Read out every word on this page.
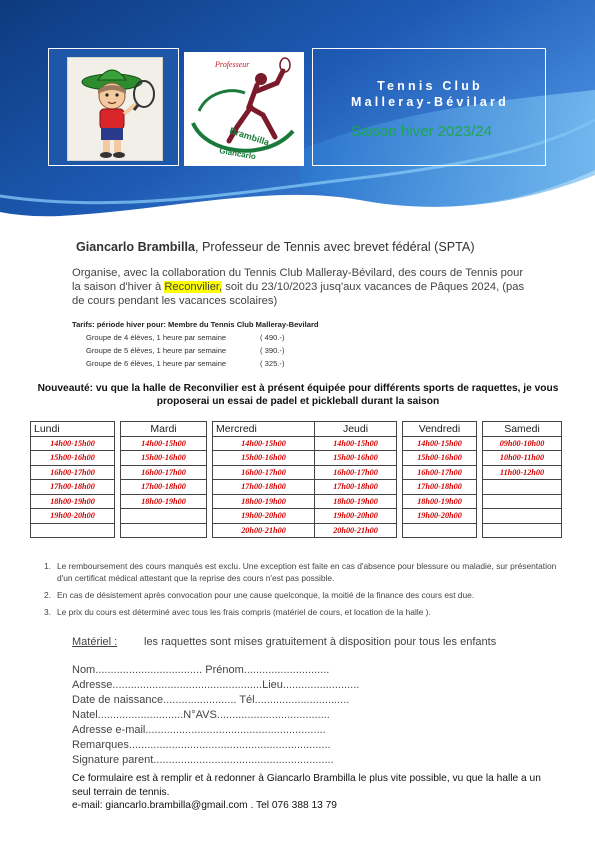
Professeur
Brambilla
Giancarlo
Tennis Club
Malleray-Bévilard
Saison hiver 2023/24
Giancarlo Brambilla, Professeur de Tennis avec brevet fédéral (SPTA)
Organise, avec la collaboration du Tennis Club Malleray-Bévilard, des cours de Tennis pour la saison d'hiver à Reconvilier, soit du 23/10/2023 jusq'aux vacances de Pâques 2024, (pas de cours pendant les vacances scolaires)
Tarifs: période hiver pour: Membre du Tennis Club Malleray-Bevilard
Groupe de 4 élèves, 1 heure par semaine	( 490.-)
Groupe de 5 élèves, 1 heure par semaine	( 390.-)
Groupe de 6 élèves, 1 heure par semaine	( 325.-)
Nouveauté: vu que la halle de Reconvilier est à présent équipée pour différents sports de raquettes, je vous proposerai un essai de padel et pickleball durant la saison
Lundi		Mardi		Mercredi	Jeudi		Vendredi		Samedi
14h00-15h00		14h00-15h00		14h00-15h00	14h00-15h00		14h00-15h00		09h00-10h00
15h00-16h00		15h00-16h00		15h00-16h00	15h00-16h00		15h00-16h00		10h00-11h00
16h00-17h00		16h00-17h00		16h00-17h00	16h00-17h00		16h00-17h00		11h00-12h00
17h00-18h00		17h00-18h00		17h00-18h00	17h00-18h00		17h00-18h00		
18h00-19h00		18h00-19h00		18h00-19h00	18h00-19h00		18h00-19h00		
19h00-20h00				19h00-20h00	19h00-20h00		19h00-20h00		
				20h00-21h00	20h00-21h00				
1. Le remboursement des cours manqués est exclu. Une exception est faite en cas d'absence pour blessure ou maladie, sur présentation d'un certificat médical attestant que la reprise des cours n'est pas possible.
2. En cas de désistement après convocation pour une cause quelconque, la moitié de la finance des cours est due.
3. Le prix du cours est déterminé avec tous les frais compris (matériel de cours, et location de la halle ).
Matériel : les raquettes sont mises gratuitement à disposition pour tous les enfants
Nom................................... Prénom............................
Adresse.................................................Lieu.........................
Date de naissance........................ Tél...............................
Natel............................N°AVS.....................................
Adresse e-mail...........................................................
Remarques..................................................................
Signature parent...........................................................
Ce formulaire est à remplir et à redonner à Giancarlo Brambilla le plus vite possible, vu que la halle a un seul terrain de tennis.
e-mail: giancarlo.brambilla@gmail.com . Tel 076 388 13 79
